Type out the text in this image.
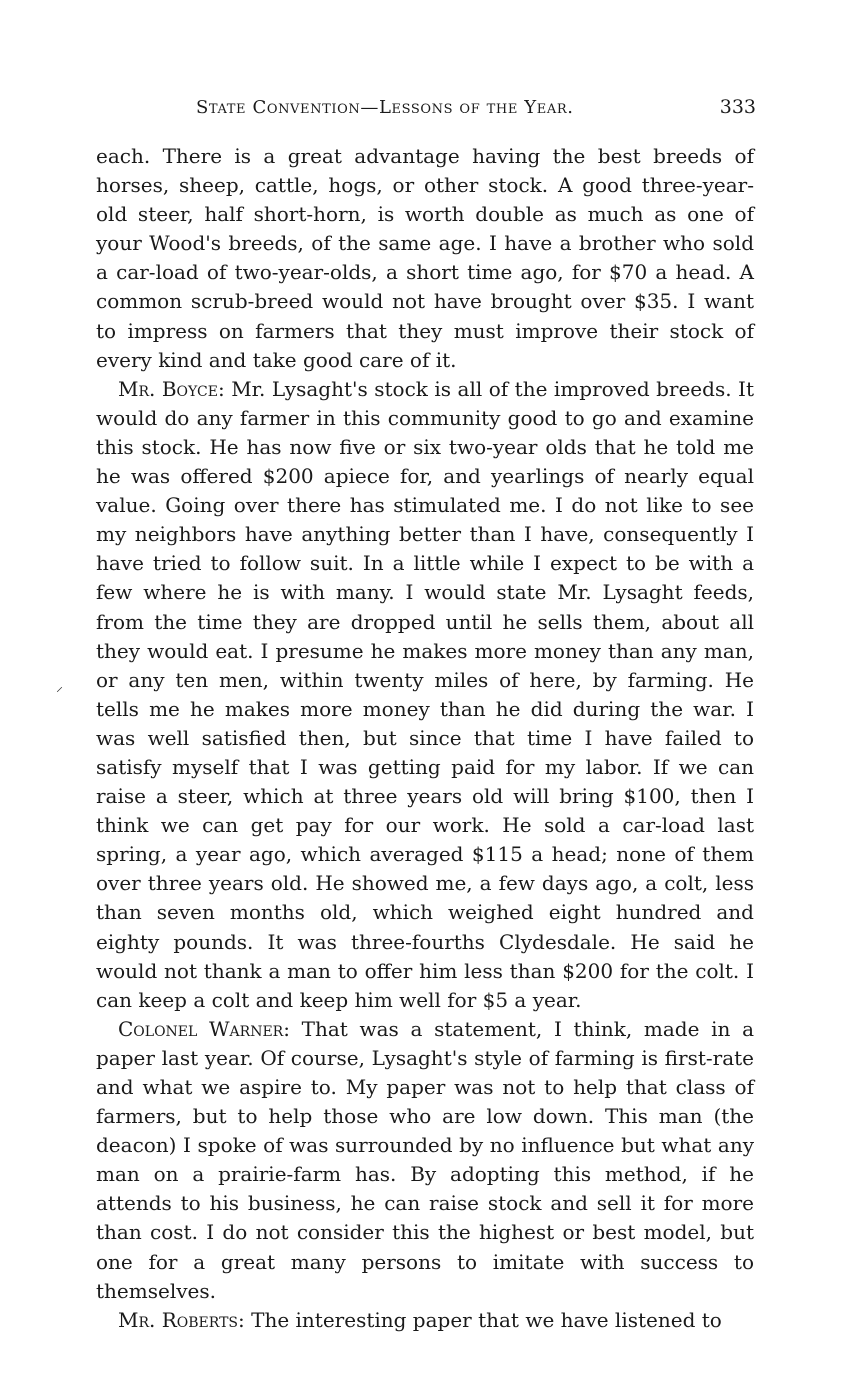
State Convention—Lessons of the Year.	333
⸝

each. There is a great advantage having the best breeds of horses, sheep, cattle, hogs, or other stock. A good three-year-old steer, half short-horn, is worth double as much as one of your Wood's breeds, of the same age. I have a brother who sold a car-load of two-year-olds, a short time ago, for $70 a head. A common scrub-breed would not have brought over $35. I want to impress on farmers that they must improve their stock of every kind and take good care of it.

Mr. Boyce: Mr. Lysaght's stock is all of the improved breeds. It would do any farmer in this community good to go and examine this stock. He has now five or six two-year olds that he told me he was offered $200 apiece for, and yearlings of nearly equal value. Going over there has stimulated me. I do not like to see my neighbors have anything better than I have, consequently I have tried to follow suit. In a little while I expect to be with a few where he is with many. I would state Mr. Lysaght feeds, from the time they are dropped until he sells them, about all they would eat. I presume he makes more money than any man, or any ten men, within twenty miles of here, by farming. He tells me he makes more money than he did during the war. I was well satisfied then, but since that time I have failed to satisfy myself that I was getting paid for my labor. If we can raise a steer, which at three years old will bring $100, then I think we can get pay for our work. He sold a car-load last spring, a year ago, which averaged $115 a head; none of them over three years old. He showed me, a few days ago, a colt, less than seven months old, which weighed eight hundred and eighty pounds. It was three-fourths Clydesdale. He said he would not thank a man to offer him less than $200 for the colt. I can keep a colt and keep him well for $5 a year.

Colonel Warner: That was a statement, I think, made in a paper last year. Of course, Lysaght's style of farming is first-rate and what we aspire to. My paper was not to help that class of farmers, but to help those who are low down. This man (the deacon) I spoke of was surrounded by no influence but what any man on a prairie-farm has. By adopting this method, if he attends to his business, he can raise stock and sell it for more than cost. I do not consider this the highest or best model, but one for a great many persons to imitate with success to themselves.

Mr. Roberts: The interesting paper that we have listened to
